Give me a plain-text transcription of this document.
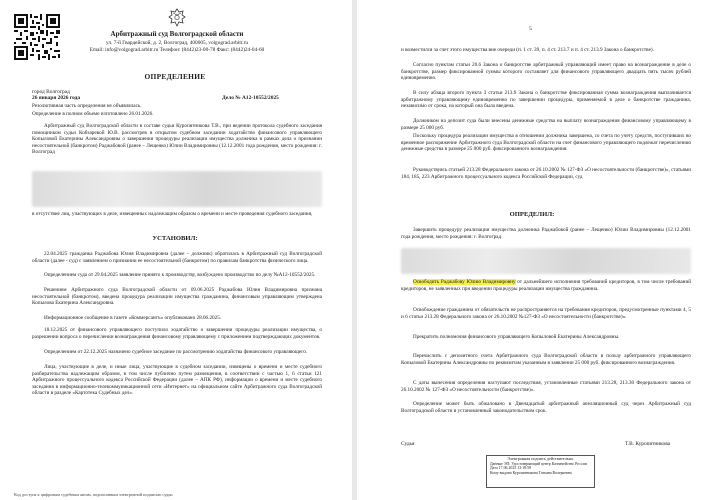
Арбитражный суд Волгоградской области

ул. 7-й Гвардейской, д. 2, Волгоград, 400005, volgograd.arbitr.ru

Email: info@volgograd.arbitr.ru Телефон: (8442)23-00-78 Факс: (8442)24-04-60

ОПРЕДЕЛЕНИЕ

город Волгоград

26 января 2026 года	Дело № А12-10552/2025

Резолютивная часть определения не объявлялась.

Определение в полном объеме изготовлено 26.01.2026.

Арбитражный суд Волгоградской области в составе судьи Куропятникова Т.В., при ведении протокола судебного заседания помощником судьи Кобзаревой Ю.В. рассмотрев в открытом судебном заседании ходатайство финансового управляющего Копыловой Екатерины Александровны о завершении процедуры реализации имущества должника в рамках дела о признании несостоятельной (банкротом) Раджабовой (ранее – Лещенко) Юлии Владимировны (12.12.2001 года рождения, место рождения: г. Волгоград

в отсутствие лиц, участвующих в деле, извещенных надлежащим образом о времени и месте проведения судебного заседания,

УСТАНОВИЛ:

22.04.2025 гражданка Раджабова Юлия Владимировна (далее – должник) обратилась в Арбитражный суд Волгоградской области (далее - суд) с заявлением о признании ее несостоятельной (банкротом) по правилам банкротства физического лица.

Определением суда от 29.04.2025 заявление принято к производству, возбуждено производство по делу №А12-10552/2025.

Решением Арбитражного суда Волгоградской области от 09.06.2025 Раджабова Юлия Владимировна признана несостоятельной (банкротом), введена процедура реализации имущества гражданина, финансовым управляющим утверждена Копылова Екатерина Александровна.

Информационное сообщение в газете «Коммерсантъ» опубликовано 28.06.2025.

18.12.2025 от финансового управляющего поступило ходатайство о завершении процедуры реализации имущества, о разрешении вопроса о перечислении вознаграждения финансовому управляющему с приложением подтверждающих документов.

Определением от 22.12.2025 назначено судебное заседание по рассмотрению ходатайства финансового управляющего.

Лица, участвующие в деле, и иные лица, участвующие в судебном заседании, извещены о времени и месте судебного разбирательства надлежащим образом, в том числе публично путем размещения, в соответствии с частью 1, 6 статьи 121 Арбитражного процессуального кодекса Российской Федерации (далее – АПК РФ), информации о времени и месте судебного заседания в информационно-телекоммуникационной сети «Интернет» на официальном сайте Арбитражного суда Волгоградской области в разделе «Картотека Судебных дел».

Код доступа к цифровым судебным актам, подписанным электронной подписью судьи

5

и возместился за счет этого имущества вне очереди (п. 1 ст. 39, п. 4 ст. 213.7 и п. 4 ст. 213.9 Закона о банкротстве).

Согласно пунктам статьи 20.6 Закона о банкротстве арбитражный управляющий имеет право на вознаграждение в деле о банкротстве, размер фиксированной суммы которого составляет для финансового управляющего двадцать пять тысяч рублей единовременно.

В силу абзаца второго пункта 3 статьи 213.9 Закона о банкротстве фиксированная сумма вознаграждения выплачивается арбитражному управляющему единовременно по завершении процедуры, применяемой в деле о банкротстве гражданина, независимо от срока, на который она была введена.

Должником на депозит суда были внесены денежные средства на выплату вознаграждения финансовому управляющему в размере 25 000 руб.

Поскольку процедура реализации имущества в отношении должника завершена, со счета по учету средств, поступивших во временное распоряжение Арбитражного суда Волгоградской области на счет финансового управляющего подлежат перечислению денежные средства в размере 25 000 руб. фиксированного вознаграждения.

Руководствуясь статьей 213.28 Федерального закона от 26.10.2002 № 127-ФЗ «О несостоятельности (банкротстве)», статьями 184, 185, 223 Арбитражного процессуального кодекса Российской Федерации, суд

ОПРЕДЕЛИЛ:

Завершить процедуру реализации имущества должника Раджабовой (ранее – Лещенко) Юлии Владимировны (12.12.2001 года рождения, место рождения: г. Волгоград

Освободить Раджабову Юлию Владимировну от дальнейшего исполнения требований кредиторов, в том числе требований кредиторов, не заявленных при введении процедуры реализации имущества гражданина.

Освобождение гражданина от обязательств не распространяется на требования кредиторов, предусмотренные пунктами 4, 5 и 6 статьи 213.28 Федерального закона от 26.10.2002 №127-ФЗ «О несостоятельности (банкротстве)».

Прекратить полномочия финансового управляющего Копыловой Екатерины Александровны.

Перечислить с депозитного счета Арбитражного суда Волгоградской области в пользу арбитражного управляющего Копыловой Екатерины Александровны по реквизитам указанным в заявлении 25 000 руб. фиксированного вознаграждения.

С даты вынесения определения наступают последствия, установленные статьями 213.28, 213.30 Федерального закона от 26.10.2002 № 127-ФЗ «О несостоятельности (банкротстве)».

Определение может быть обжаловано в Двенадцатый арбитражный апелляционный суд через Арбитражный суд Волгоградской области в установленный законодательством срок.

Судья	Т.В. Куропятникова

Электронная подпись действительна.
Данные ЭП: Удостоверяющий центр Казначейство России
Дата 17.06.2025 13:18:58
Кому выдана Куропятникова Татьяна Валерьевна
